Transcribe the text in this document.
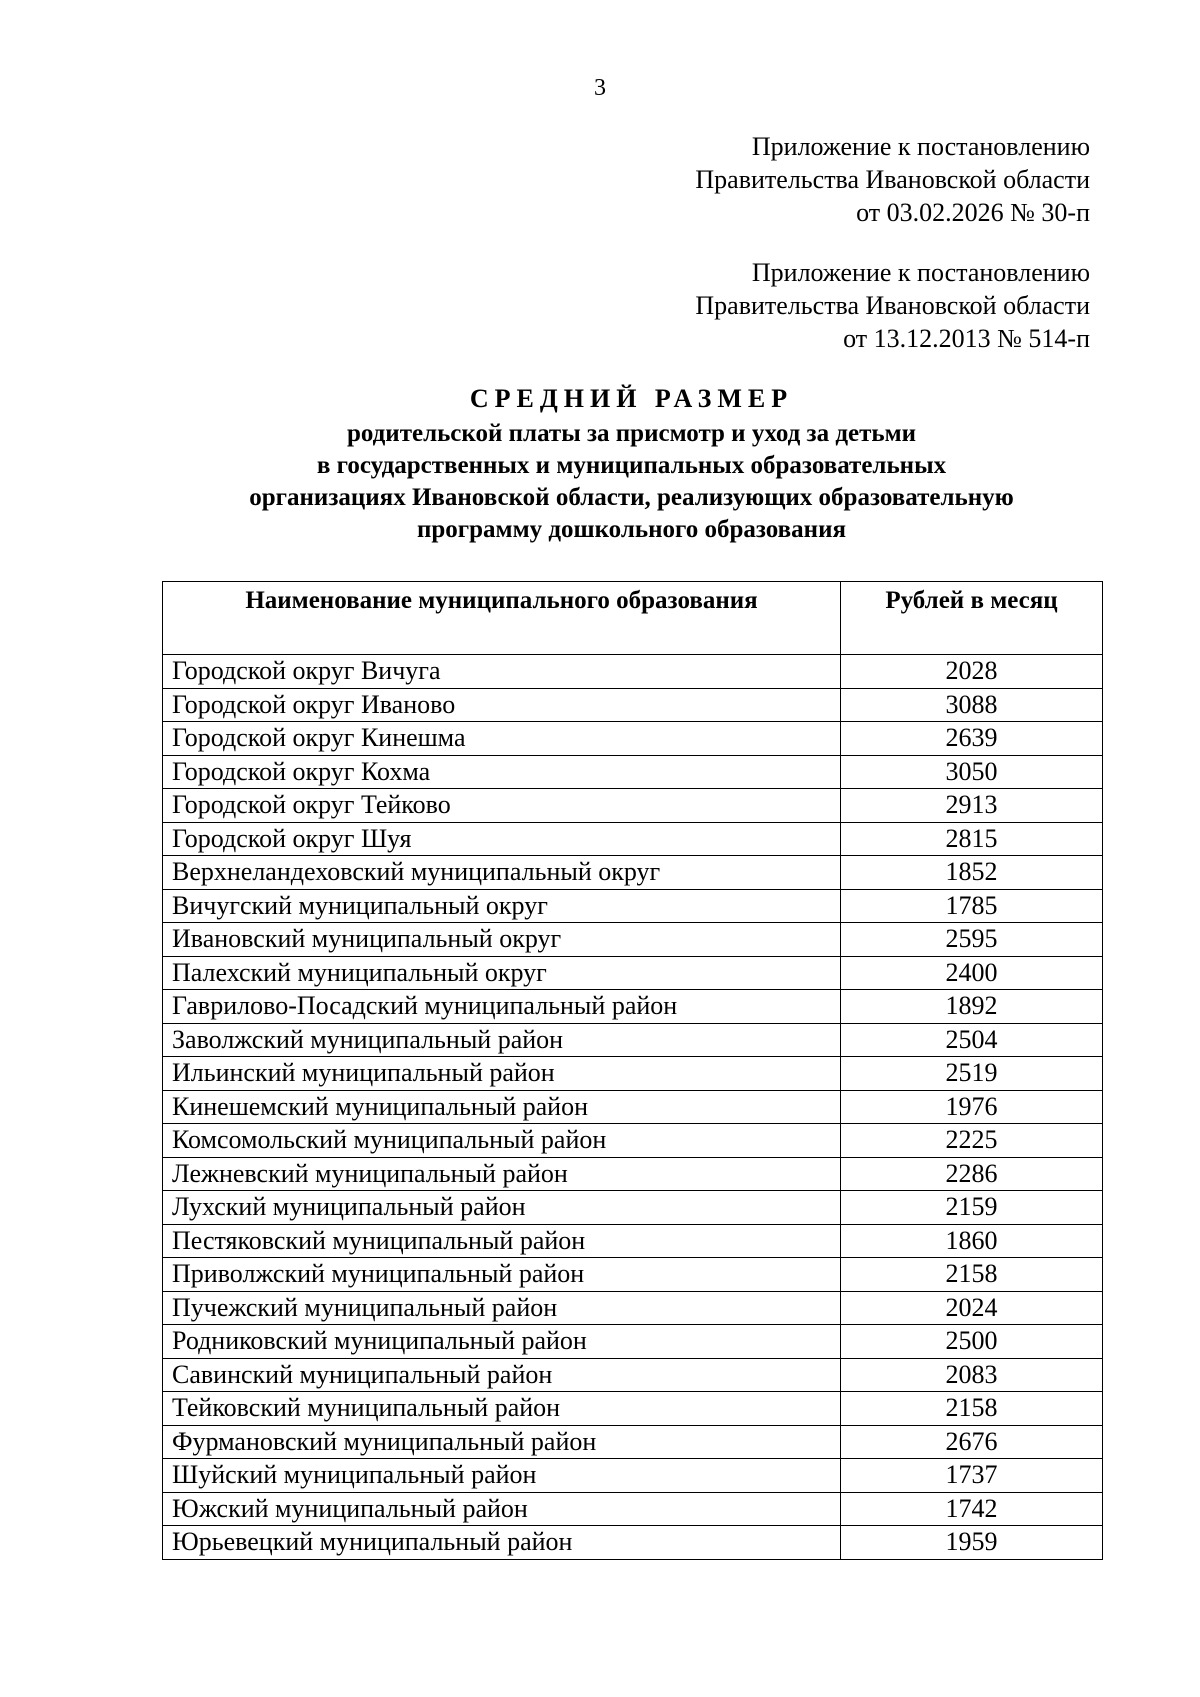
3
Приложение к постановлению
Правительства Ивановской области
от 03.02.2026 № 30-п
Приложение к постановлению
Правительства Ивановской области
от 13.12.2013 № 514-п
СРЕДНИЙ РАЗМЕР
родительской платы за присмотр и уход за детьми
в государственных и муниципальных образовательных
организациях Ивановской области, реализующих образовательную
программу дошкольного образования
Наименование муниципального образования	Рублей в месяц
Городской округ Вичуга	2028
Городской округ Иваново	3088
Городской округ Кинешма	2639
Городской округ Кохма	3050
Городской округ Тейково	2913
Городской округ Шуя	2815
Верхнеландеховский муниципальный округ	1852
Вичугский муниципальный округ	1785
Ивановский муниципальный округ	2595
Палехский муниципальный округ	2400
Гаврилово-Посадский муниципальный район	1892
Заволжский муниципальный район	2504
Ильинский муниципальный район	2519
Кинешемский муниципальный район	1976
Комсомольский муниципальный район	2225
Лежневский муниципальный район	2286
Лухский муниципальный район	2159
Пестяковский муниципальный район	1860
Приволжский муниципальный район	2158
Пучежский муниципальный район	2024
Родниковский муниципальный район	2500
Савинский муниципальный район	2083
Тейковский муниципальный район	2158
Фурмановский муниципальный район	2676
Шуйский муниципальный район	1737
Южский муниципальный район	1742
Юрьевецкий муниципальный район	1959
